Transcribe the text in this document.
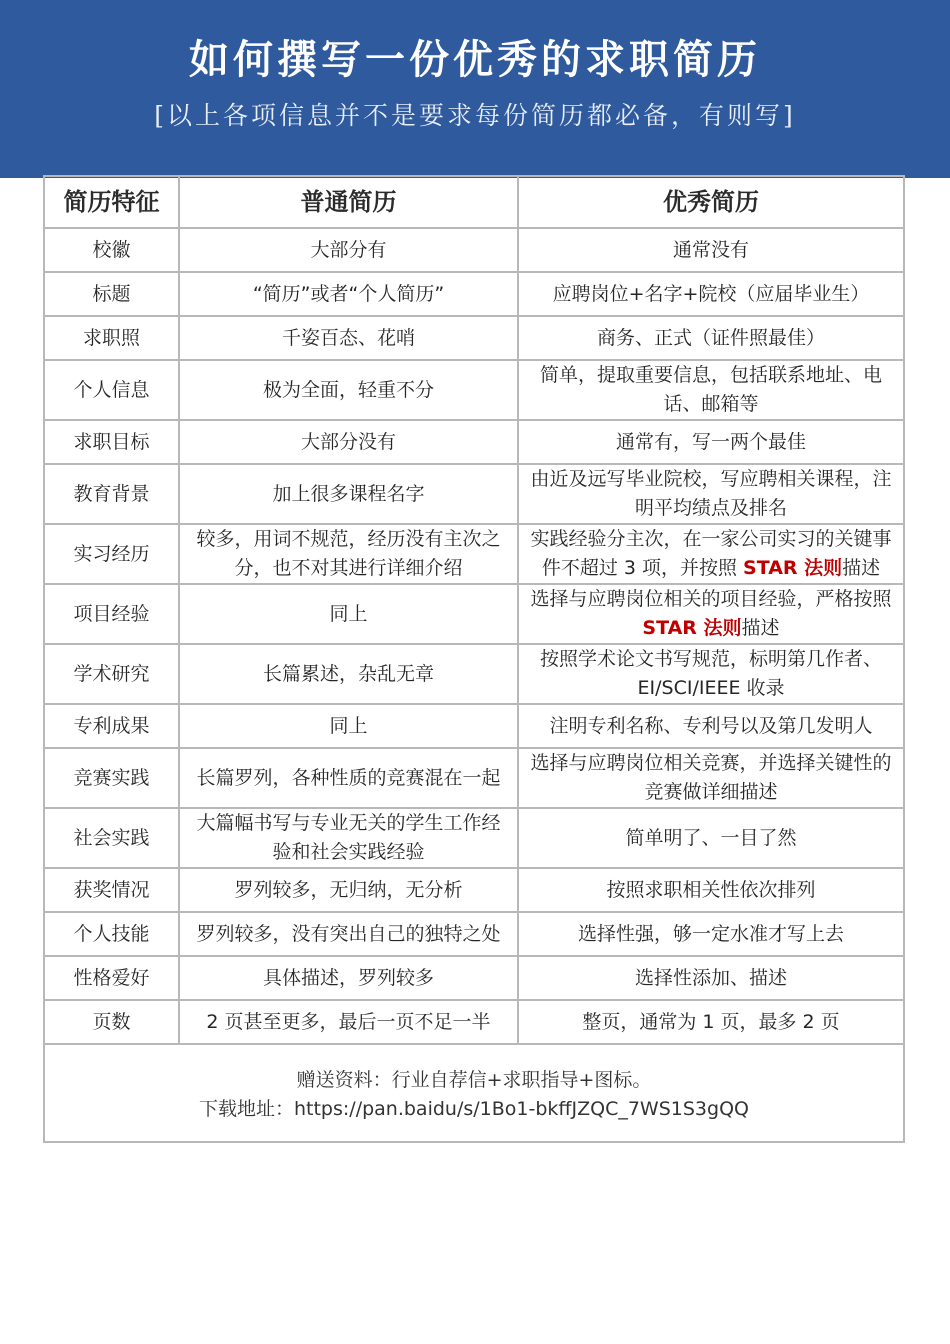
如何撰写一份优秀的求职简历
[以上各项信息并不是要求每份简历都必备，有则写]
简历特征	普通简历	优秀简历
校徽	大部分有	通常没有
标题	“简历”或者“个人简历”	应聘岗位+名字+院校（应届毕业生）
求职照	千姿百态、花哨	商务、正式（证件照最佳）
个人信息	极为全面，轻重不分	简单，提取重要信息，包括联系地址、电话、邮箱等
求职目标	大部分没有	通常有，写一两个最佳
教育背景	加上很多课程名字	由近及远写毕业院校，写应聘相关课程，注明平均绩点及排名
实习经历	较多，用词不规范，经历没有主次之分，也不对其进行详细介绍	实践经验分主次，在一家公司实习的关键事件不超过 3 项，并按照 STAR 法则描述
项目经验	同上	选择与应聘岗位相关的项目经验，严格按照STAR 法则描述
学术研究	长篇累述，杂乱无章	按照学术论文书写规范，标明第几作者、EI/SCI/IEEE 收录
专利成果	同上	注明专利名称、专利号以及第几发明人
竞赛实践	长篇罗列，各种性质的竞赛混在一起	选择与应聘岗位相关竞赛，并选择关键性的竞赛做详细描述
社会实践	大篇幅书写与专业无关的学生工作经验和社会实践经验	简单明了、一目了然
获奖情况	罗列较多，无归纳，无分析	按照求职相关性依次排列
个人技能	罗列较多，没有突出自己的独特之处	选择性强，够一定水准才写上去
性格爱好	具体描述，罗列较多	选择性添加、描述
页数	2 页甚至更多，最后一页不足一半	整页，通常为 1 页，最多 2 页

赠送资料：行业自荐信+求职指导+图标。
下载地址：https://pan.baidu/s/1Bo1-bkffJZQC_7WS1S3gQQ		
